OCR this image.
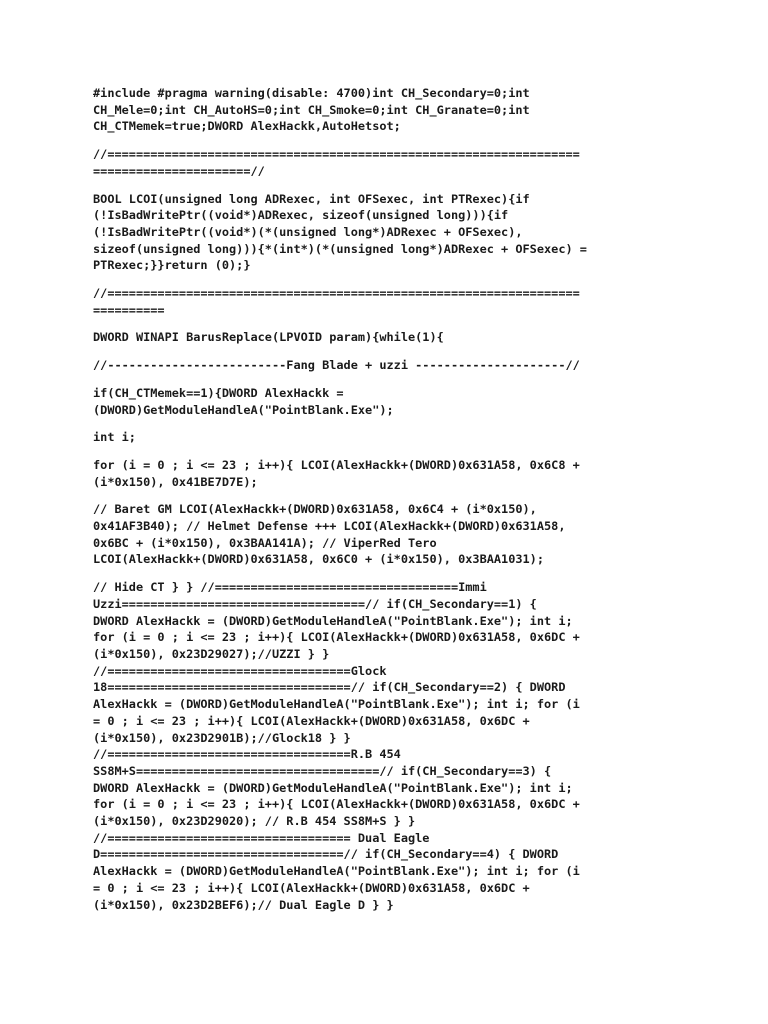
#include #pragma warning(disable: 4700)int CH_Secondary=0;int
CH_Mele=0;int CH_AutoHS=0;int CH_Smoke=0;int CH_Granate=0;int
CH_CTMemek=true;DWORD AlexHackk,AutoHetsot;

//==================================================================
======================//

BOOL LCOI(unsigned long ADRexec, int OFSexec, int PTRexec){if
(!IsBadWritePtr((void*)ADRexec, sizeof(unsigned long))){if
(!IsBadWritePtr((void*)(*(unsigned long*)ADRexec + OFSexec),
sizeof(unsigned long))){*(int*)(*(unsigned long*)ADRexec + OFSexec) =
PTRexec;}}return (0);}

//==================================================================
==========

DWORD WINAPI BarusReplace(LPVOID param){while(1){

//-------------------------Fang Blade + uzzi ---------------------//

if(CH_CTMemek==1){DWORD AlexHackk =
(DWORD)GetModuleHandleA("PointBlank.Exe");

int i;

for (i = 0 ; i <= 23 ; i++){ LCOI(AlexHackk+(DWORD)0x631A58, 0x6C8 +
(i*0x150), 0x41BE7D7E);

// Baret GM LCOI(AlexHackk+(DWORD)0x631A58, 0x6C4 + (i*0x150),
0x41AF3B40); // Helmet Defense +++ LCOI(AlexHackk+(DWORD)0x631A58,
0x6BC + (i*0x150), 0x3BAA141A); // ViperRed Tero
LCOI(AlexHackk+(DWORD)0x631A58, 0x6C0 + (i*0x150), 0x3BAA1031);

// Hide CT } } //==================================Immi
Uzzi==================================// if(CH_Secondary==1) {
DWORD AlexHackk = (DWORD)GetModuleHandleA("PointBlank.Exe"); int i;
for (i = 0 ; i <= 23 ; i++){ LCOI(AlexHackk+(DWORD)0x631A58, 0x6DC +
(i*0x150), 0x23D29027);//UZZI } }
//==================================Glock
18==================================// if(CH_Secondary==2) { DWORD
AlexHackk = (DWORD)GetModuleHandleA("PointBlank.Exe"); int i; for (i
= 0 ; i <= 23 ; i++){ LCOI(AlexHackk+(DWORD)0x631A58, 0x6DC +
(i*0x150), 0x23D2901B);//Glock18 } }
//==================================R.B 454
SS8M+S==================================// if(CH_Secondary==3) {
DWORD AlexHackk = (DWORD)GetModuleHandleA("PointBlank.Exe"); int i;
for (i = 0 ; i <= 23 ; i++){ LCOI(AlexHackk+(DWORD)0x631A58, 0x6DC +
(i*0x150), 0x23D29020); // R.B 454 SS8M+S } }
//================================== Dual Eagle
D==================================// if(CH_Secondary==4) { DWORD
AlexHackk = (DWORD)GetModuleHandleA("PointBlank.Exe"); int i; for (i
= 0 ; i <= 23 ; i++){ LCOI(AlexHackk+(DWORD)0x631A58, 0x6DC +
(i*0x150), 0x23D2BEF6);// Dual Eagle D } }
